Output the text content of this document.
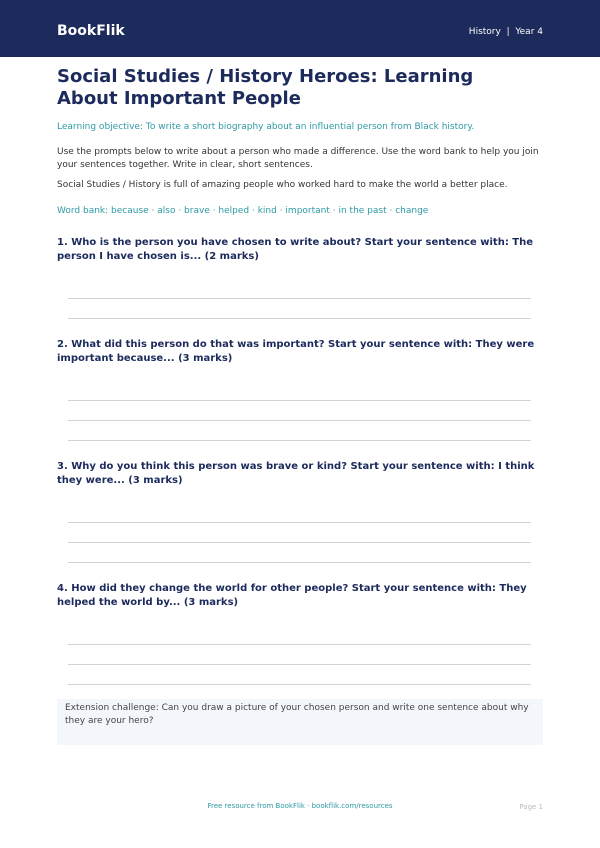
BookFlik	History | Year 4
Social Studies / History Heroes: Learning About Important People
Learning objective: To write a short biography about an influential person from Black history.
Use the prompts below to write about a person who made a difference. Use the word bank to help you join your sentences together. Write in clear, short sentences.
Social Studies / History is full of amazing people who worked hard to make the world a better place.
Word bank: because · also · brave · helped · kind · important · in the past · change
1. Who is the person you have chosen to write about? Start your sentence with: The person I have chosen is... (2 marks)
2. What did this person do that was important? Start your sentence with: They were important because... (3 marks)
3. Why do you think this person was brave or kind? Start your sentence with: I think they were... (3 marks)
4. How did they change the world for other people? Start your sentence with: They helped the world by... (3 marks)
Extension challenge: Can you draw a picture of your chosen person and write one sentence about why they are your hero?
Free resource from BookFlik · bookflik.com/resources	Page 1
